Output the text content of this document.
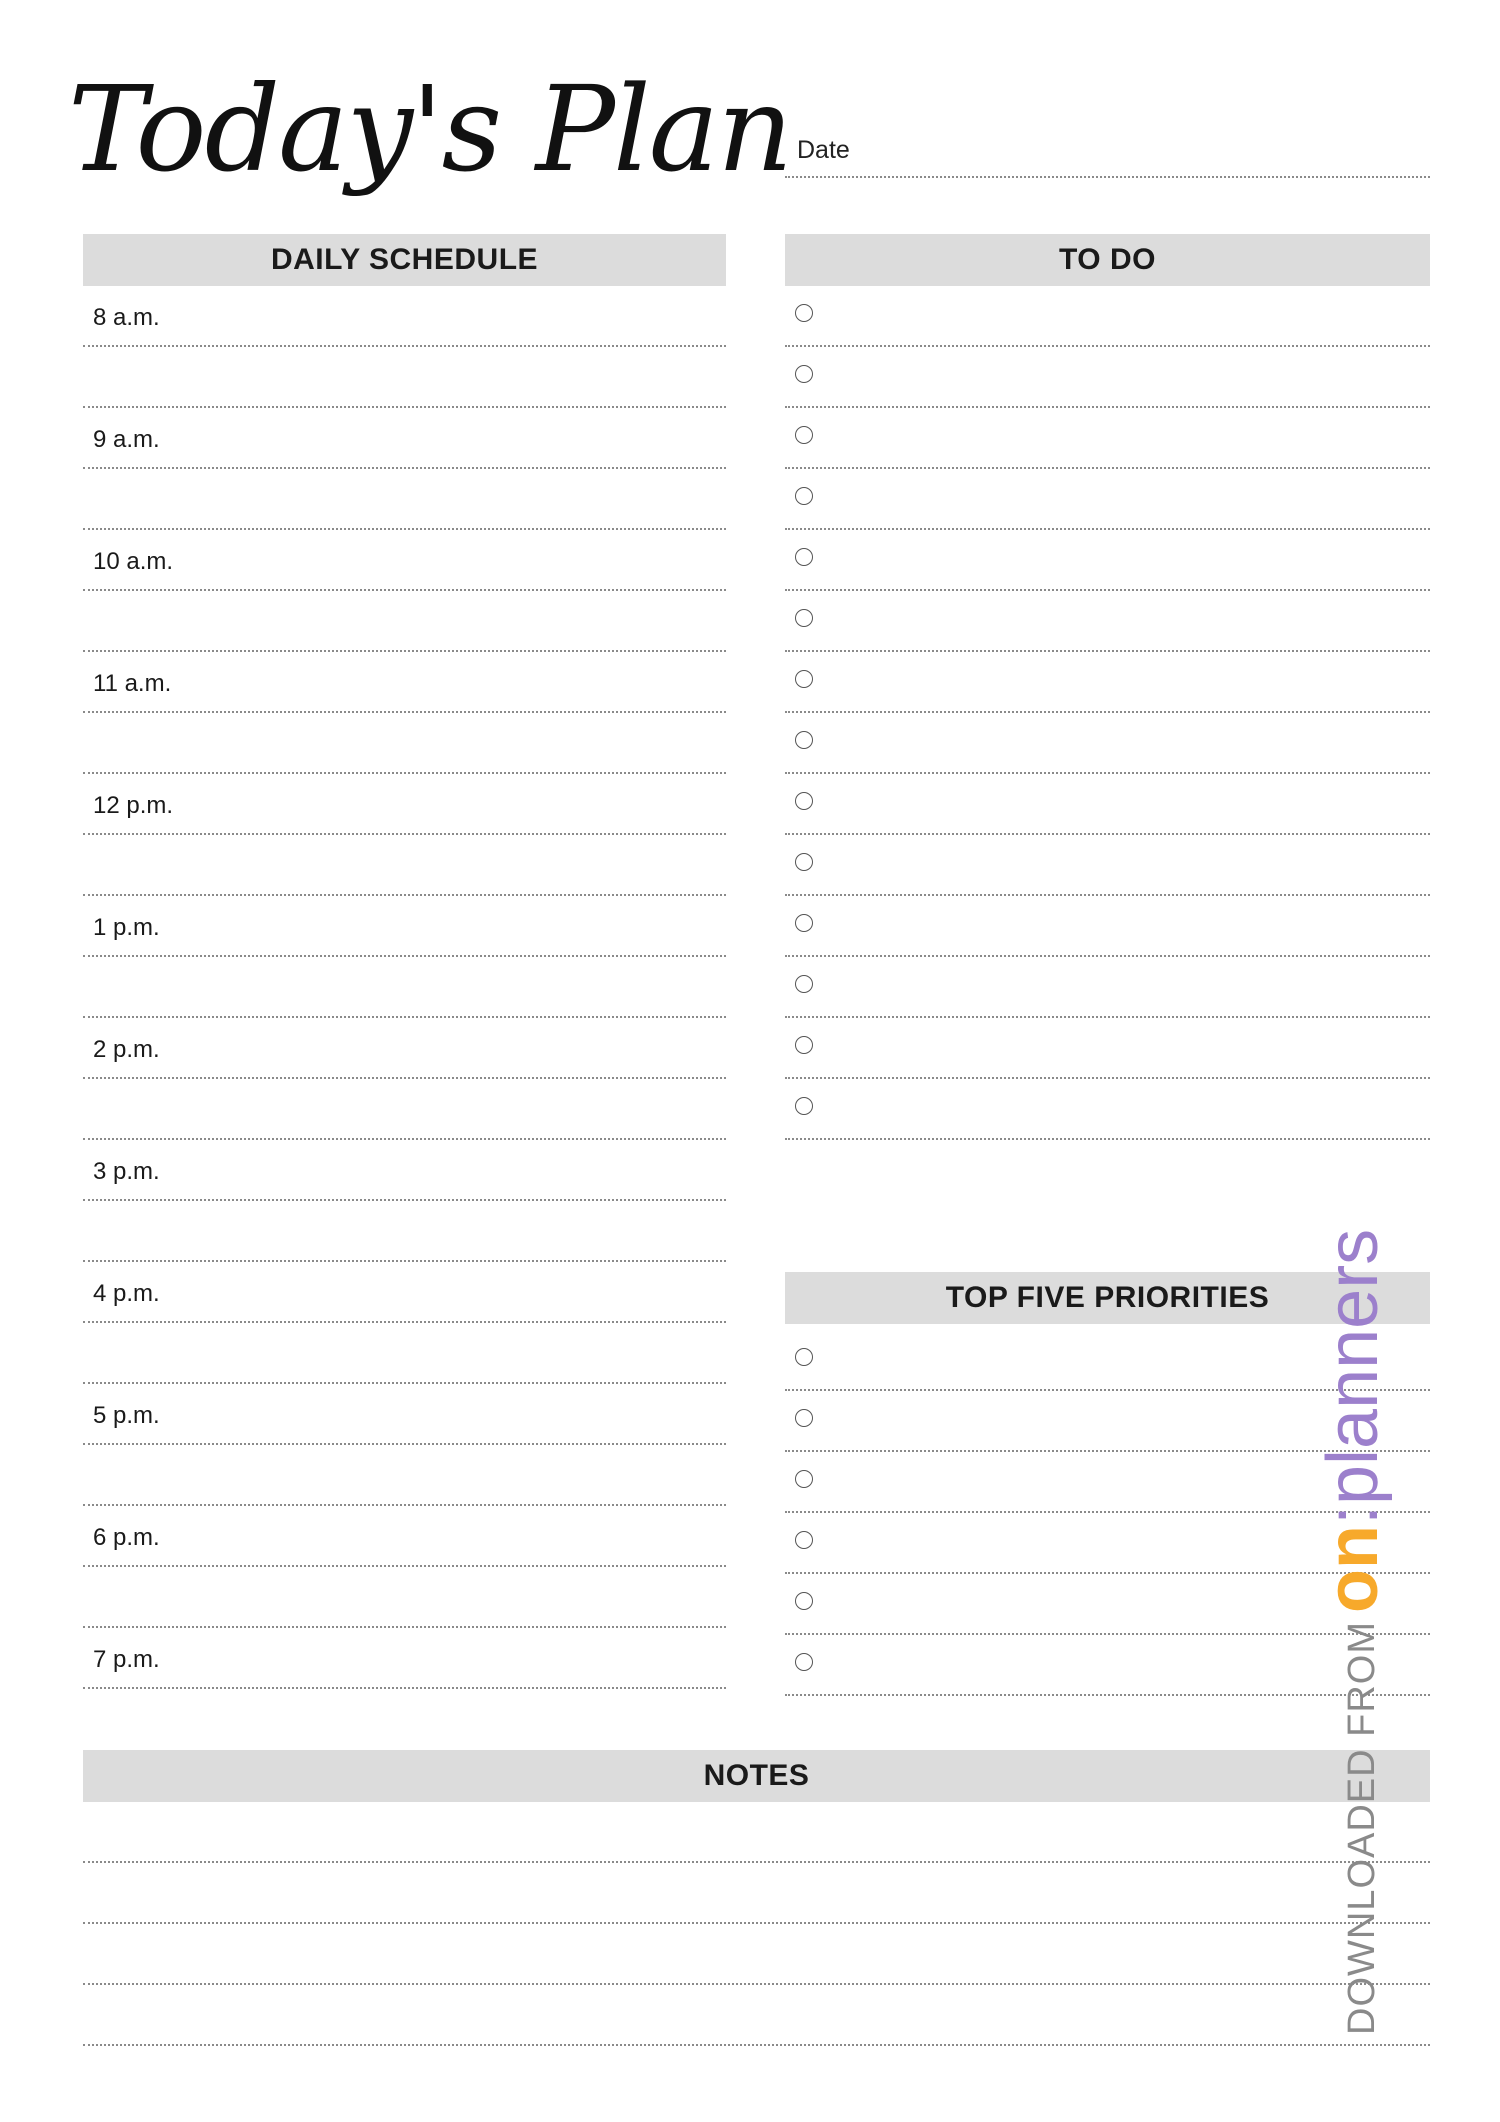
Today's Plan Date
DAILY SCHEDULE
8 a.m.
9 a.m.
10 a.m.
11 a.m.
12 p.m.
1 p.m.
2 p.m.
3 p.m.
4 p.m.
5 p.m.
6 p.m.
7 p.m.
TO DO
TOP FIVE PRIORITIES
NOTES	DOWNLOADED FROM
on
:
planners
